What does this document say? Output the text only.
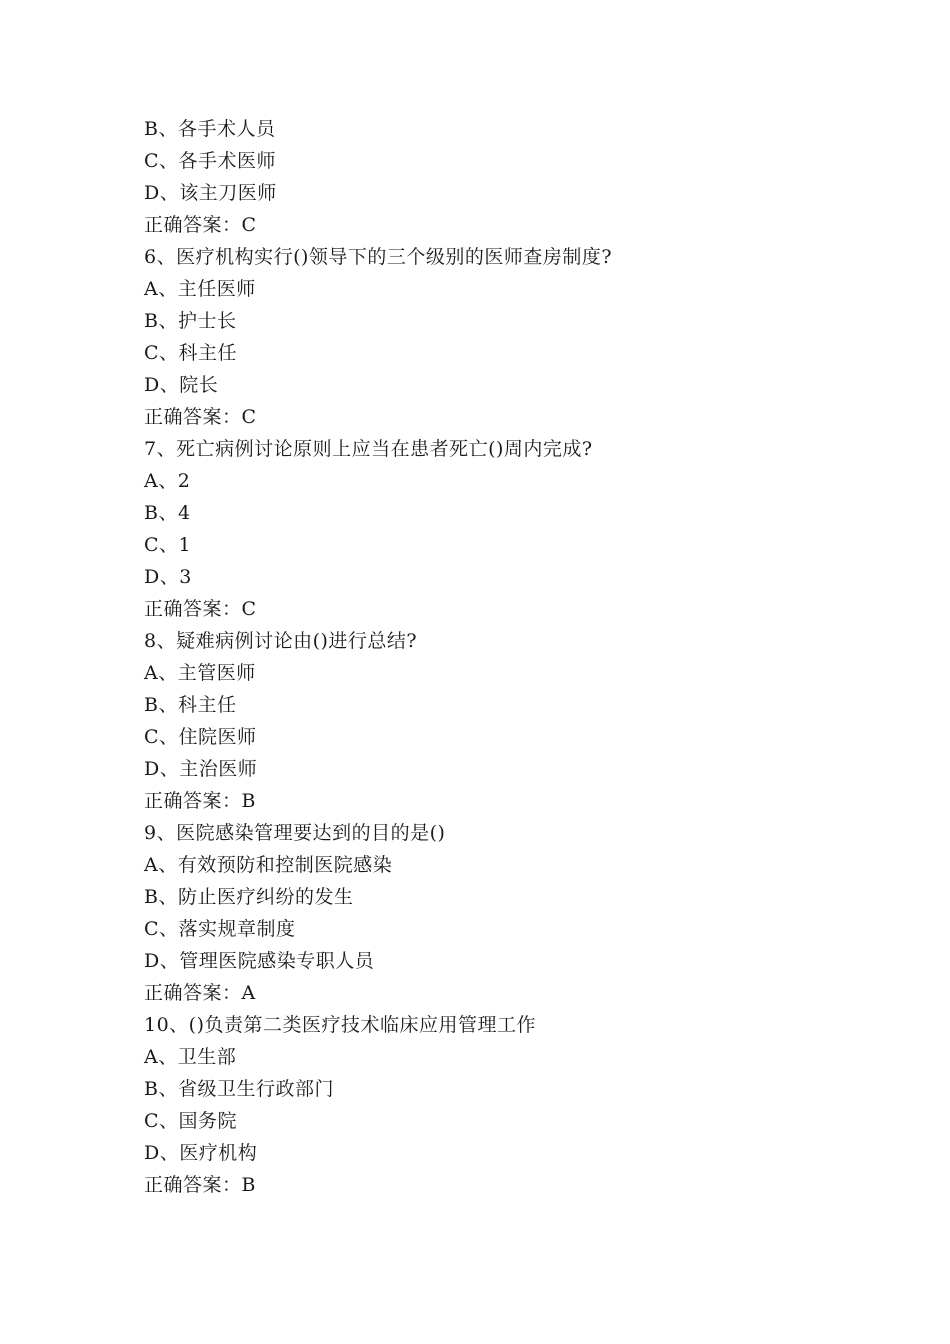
B、各手术人员
C、各手术医师
D、该主刀医师
正确答案：C
6、医疗机构实行()领导下的三个级别的医师查房制度?
A、主任医师
B、护士长
C、科主任
D、院长
正确答案：C
7、死亡病例讨论原则上应当在患者死亡()周内完成?
A、2
B、4
C、1
D、3
正确答案：C
8、疑难病例讨论由()进行总结?
A、主管医师
B、科主任
C、住院医师
D、主治医师
正确答案：B
9、医院感染管理要达到的目的是()
A、有效预防和控制医院感染
B、防止医疗纠纷的发生
C、落实规章制度
D、管理医院感染专职人员
正确答案：A
10、()负责第二类医疗技术临床应用管理工作
A、卫生部
B、省级卫生行政部门
C、国务院
D、医疗机构
正确答案：B
